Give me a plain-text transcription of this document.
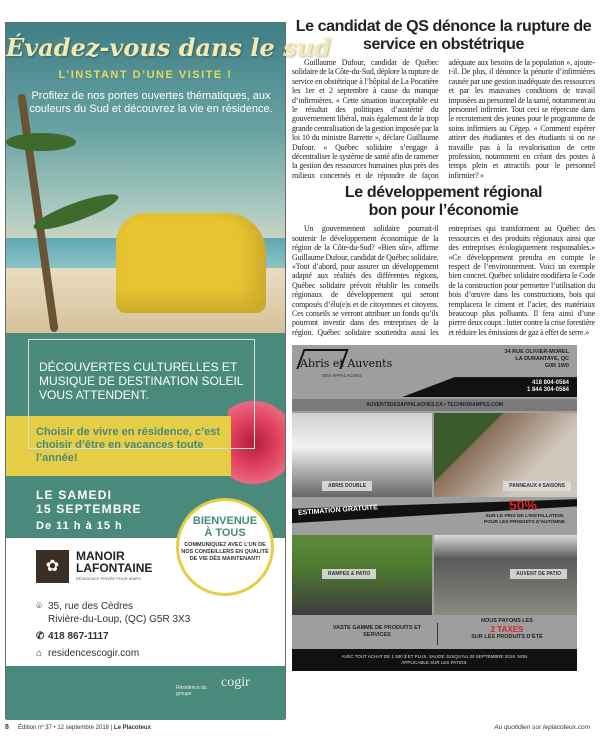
Évadez-vous dans le sud
L’INSTANT D’UNE VISITE !
Profitez de nos portes ouvertes thématiques, aux couleurs du Sud et découvrez la vie en résidence.
DÉCOUVERTES CULTURELLES ET MUSIQUE DE DESTINATION SOLEIL VOUS ATTENDENT.
Choisir de vivre en résidence, c’est choisir d’être en vacances toute l’année!
LE SAMEDI
15 SEPTEMBRE
De 11 h à 15 h	BIENVENUE
À TOUS
COMMUNIQUEZ AVEC L’UN DE NOS CONSEILLERS EN QUALITÉ DE VIE DÈS MAINTENANT!
✿
MANOIR
LAFONTAINE
RÉSIDENCE PRIVÉE POUR AÎNÉS
⌾ 35, rue des Cèdres
Rivière-du-Loup, (QC) G5R 3X3
✆ 418 867-1117
⌂ residencescogir.com
Résidence du groupe
cogir
Le candidat de QS dénonce la rupture de service en obstétrique

Guillaume Dufour, candidat de Québec solidaire de la Côte-du-Sud, déplore la rupture de service en obstétrique à l’hôpital de La Pocatière les 1er et 2 septembre à cause du manque d’infirmières. « Cette situation inacceptable est le résultat des politiques d’austérité du gouvernement libéral, mais également de la trop grande centralisation de la gestion imposée par la loi 10 du ministre Barrette », déclare Guillaume Dufour. « Québec solidaire s’engage à décentraliser le système de santé afin de ramener la gestion des ressources humaines plus près des milieux concernés et de répondre de façon adéquate aux besoins de la population », ajoute-t-il. De plus, il dénonce la pénurie d’infirmières causée par une gestion inadéquate des ressources et par les mauvaises conditions de travail imposées au personnel de la santé, notamment au personnel infirmier. Tout ceci se répercute dans le recrutement des jeunes pour le programme de soins infirmiers au Cégep. « Comment espérer attirer des étudiantes et des étudiants si on ne travaille pas à la revalorisation de cette profession, notamment en créant des postes à temps plein et attractifs pour le personnel infirmier? »

Le développement régional bon pour l’économie

Un gouvernement solidaire pourrait-il soutenir le développement économique de la région de la Côte-du-Sud? «Bien sûr», affirme Guillaume Dufour, candidat de Québec solidaire. «Tout d’abord, pour assurer un développement adapté aux réalités des différentes régions, Québec solidaire prévoit rétablir les conseils régionaux de développement qui seront composés d’élu(e)s et de citoyennes et citoyens. Ces conseils se verront attribuer un fonds qu’ils pourront investir dans des entreprises de la région. Québec solidaire soutiendra aussi les entreprises qui transforment au Québec des ressources et des produits régionaux ainsi que des entreprises écologiquement responsables.» «Ce développement prendra en compte le respect de l’environnement. Voici un exemple bien concret. Québec solidaire modifiera le Code de la construction pour permettre l’utilisation du bois d’œuvre dans les constructions, bois qui remplacera le ciment et l’acier, des matériaux beaucoup plus polluants. Il fera ainsi d’une pierre deux coups : lutter contre la crise forestière et réduire les émissions de gaz à effet de serre.»

Abris et Auvents
DES APPALACHES
34 RUE OLIVIER-MOREL
LA DURANTAYE, QC
G0R 1W0
418 804-0584
1 844 304-0584
AUVENTSDESAPPALACHES.CA • TECHNORAMPES.COM
ABRIS DOUBLE	PANNEAUX 4 SAISONS
ESTIMATION GRATUITE	50%
SUR LE PRIX DE L’INSTALLATION POUR LES PRODUITS D’AUTOMNE
RAMPES & PATIO	AUVENT DE PATIO
VASTE GAMME DE PRODUITS ET SERVICES
NOUS PAYONS LES
2 TAXES
SUR LES PRODUITS D’ÉTÉ
AVEC TOUT ACHAT DE 1 500 $ ET PLUS. VALIDE JUSQU’AU 30 SEPTEMBRE 2018. NON APPLICABLE SUR LES PATIOS.
8 Édition nº 37 • 12 septembre 2018 | Le Placoteux	Au quotidien sur leplacoteux.com
